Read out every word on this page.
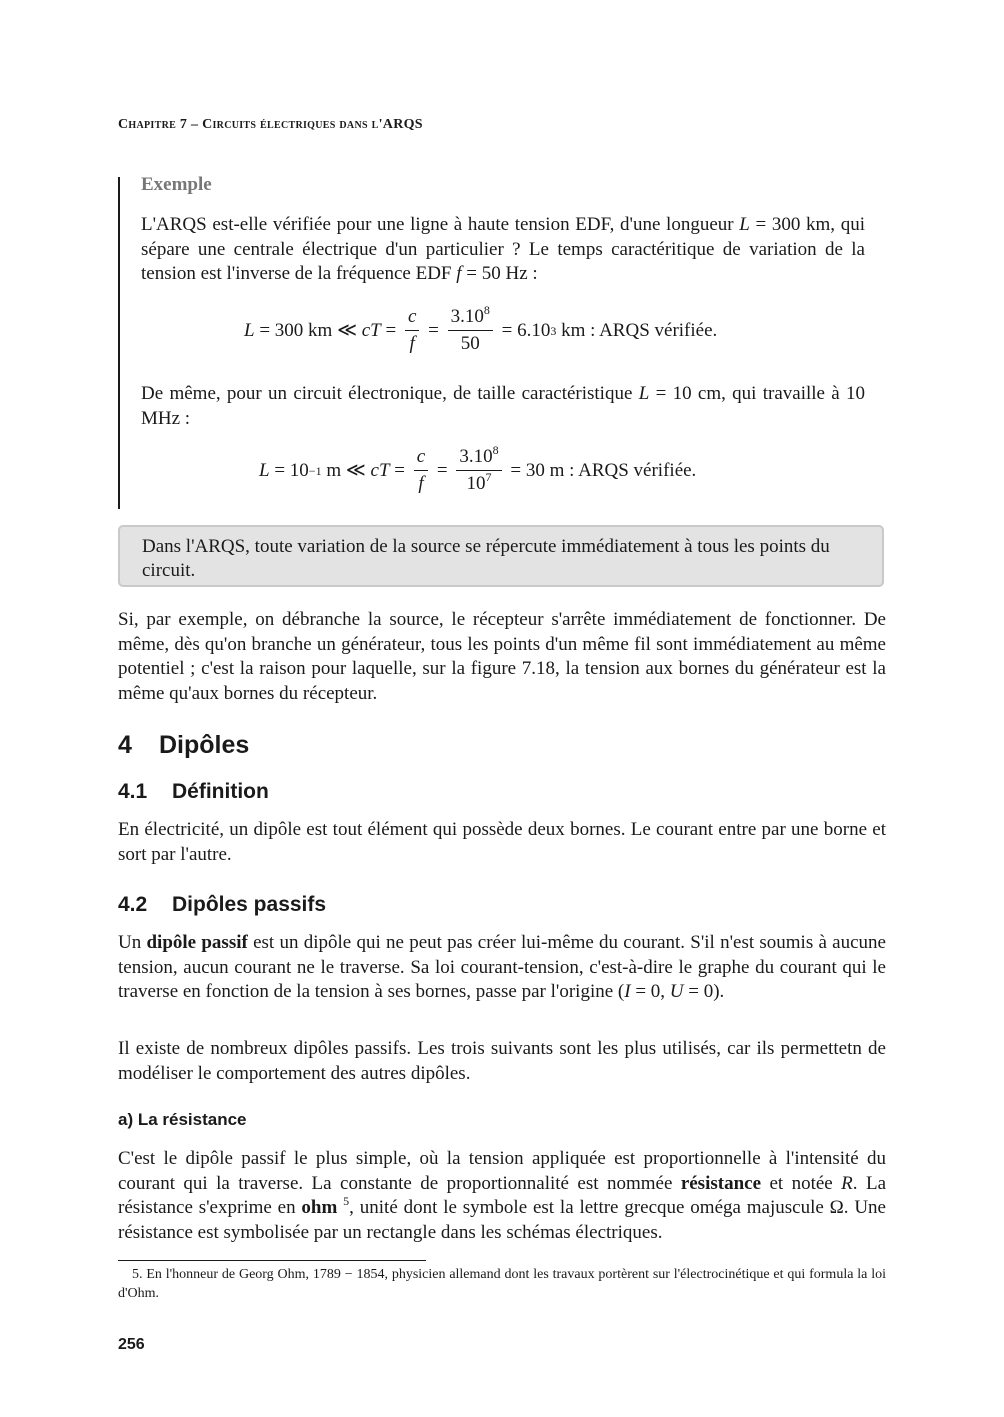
Chapitre 7 – Circuits électriques dans l'ARQS
Exemple

L'ARQS est-elle vérifiée pour une ligne à haute tension EDF, d'une longueur L = 300 km, qui sépare une centrale électrique d'un particulier ? Le temps caractéritique de variation de la tension est l'inverse de la fréquence EDF f = 50 Hz :

L = 300 km ≪ c $T = \frac{c}{f} = \frac{3.10^8}{50} = 6.10$ 3 km : ARQS vérifiée.

De même, pour un circuit électronique, de taille caractéristique L = 10 cm, qui travaille à 10 MHz :

L = 10 −1 m ≪ c $T = \frac{c}{f} = \frac{3.10^8}{10^7} = 30$ m : ARQS vérifiée.

Dans l'ARQS, toute variation de la source se répercute immédiatement à tous les points du circuit.

Si, par exemple, on débranche la source, le récepteur s'arrête immédiatement de fonctionner. De même, dès qu'on branche un générateur, tous les points d'un même fil sont immédiatement au même potentiel ; c'est la raison pour laquelle, sur la figure 7.18, la tension aux bornes du générateur est la même qu'aux bornes du récepteur.

4 Dipôles
4.1 Définition

En électricité, un dipôle est tout élément qui possède deux bornes. Le courant entre par une borne et sort par l'autre.

4.2 Dipôles passifs

Un dipôle passif est un dipôle qui ne peut pas créer lui-même du courant. S'il n'est soumis à aucune tension, aucun courant ne le traverse. Sa loi courant-tension, c'est-à-dire le graphe du courant qui le traverse en fonction de la tension à ses bornes, passe par l'origine (I = 0, U = 0).

Il existe de nombreux dipôles passifs. Les trois suivants sont les plus utilisés, car ils permettetn de modéliser le comportement des autres dipôles.

a) La résistance

C'est le dipôle passif le plus simple, où la tension appliquée est proportionnelle à l'intensité du courant qui la traverse. La constante de proportionnalité est nommée résistance et notée R. La résistance s'exprime en ohm $^5$, unité dont le symbole est la lettre grecque oméga majuscule Ω. Une résistance est symbolisée par un rectangle dans les schémas électriques.

5. En l'honneur de Georg Ohm, 1789 − 1854, physicien allemand dont les travaux portèrent sur l'électrocinétique et qui formula la loi d'Ohm.

256
